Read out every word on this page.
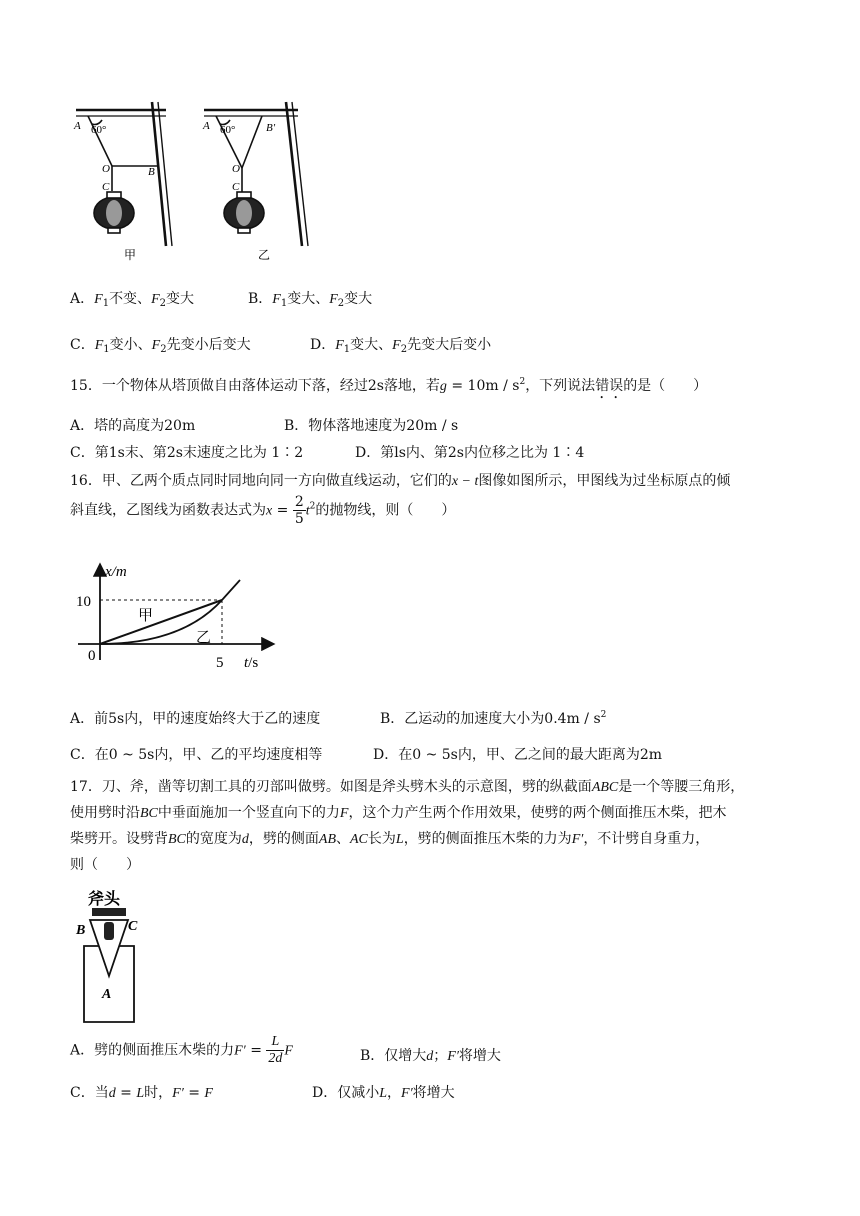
A 60°
O	B
C
甲
A 60°	B'
O
C
乙
A．$F_1$不变、$F_2$变大	B．$F_1$变大、$F_2$变大
C．$F_1$变小、$F_2$先变小后变大	D．$F_1$变大、$F_2$先变大后变小
15．一个物体从塔顶做自由落体运动下落，经过2s落地，若$g = 10m / s^2$，下列说法错误的是（　　）
A．塔的高度为20m	B．物体落地速度为20m / s
C．第1s末、第2s末速度之比为 1∶2	D．第ls内、第2s内位移之比为 1∶4
16．甲、乙两个质点同时同地向同一方向做直线运动，它们的x − t图像如图所示，甲图线为过坐标原点的倾
斜直线，乙图线为函数表达式为$x = \frac{2}{5} t^2$的抛物线，则（　　）
x/m
10
0	5 t/s
甲
乙
A．前5s内，甲的速度始终大于乙的速度	B．乙运动的加速度大小为$0.4m / s^2$
C．在0 ~ 5s内，甲、乙的平均速度相等	D．在0 ~ 5s内，甲、乙之间的最大距离为2m
17．刀、斧，凿等切割工具的刃部叫做劈。如图是斧头劈木头的示意图，劈的纵截面ABC是一个等腰三角形，
使用劈时沿BC中垂面施加一个竖直向下的力F，这个力产生两个作用效果，使劈的两个侧面推压木柴，把木
柴劈开。设劈背BC的宽度为d，劈的侧面AB、AC长为L，劈的侧面推压木柴的力为F′，不计劈自身重力，
则（　　）
斧头
B	C
A
A．劈的侧面推压木柴的力$F' = \frac{L}{2d}$ F	B．仅增大d；F′将增大
C．当d = L时，F′ = F	D．仅减小L，F′将增大
